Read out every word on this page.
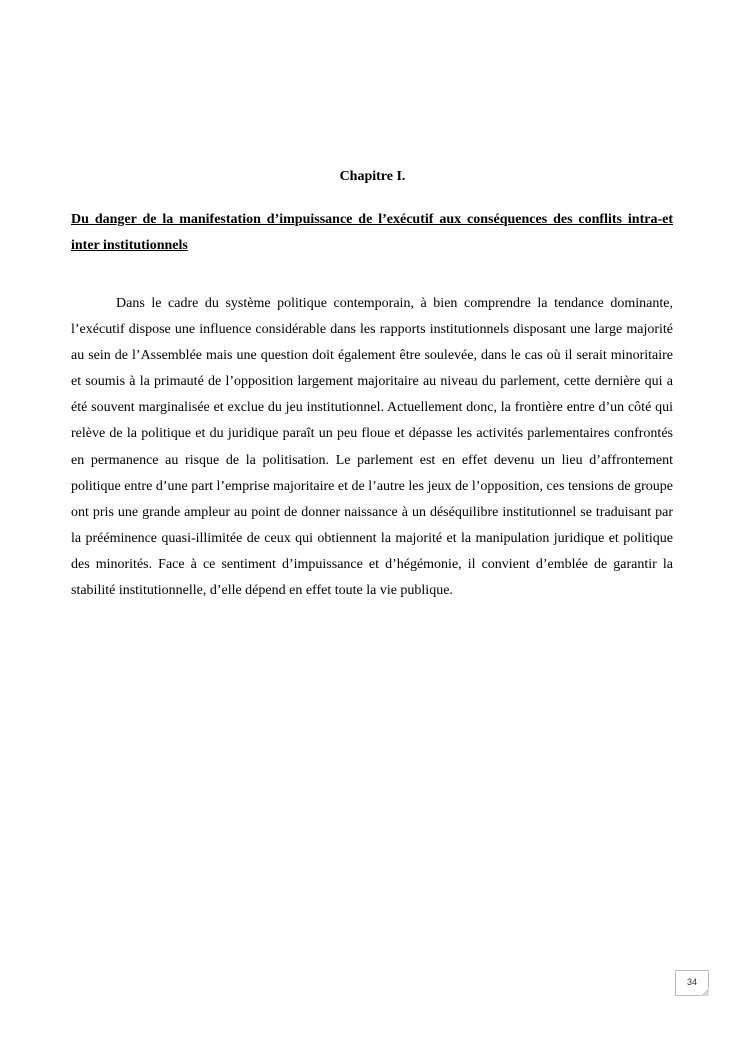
Chapitre I.
Du danger de la manifestation d’impuissance de l’exécutif aux conséquences des conflits intra-et inter institutionnels

Dans le cadre du système politique contemporain, à bien comprendre la tendance dominante, l’exécutif dispose une influence considérable dans les rapports institutionnels disposant une large majorité au sein de l’Assemblée mais une question doit également être soulevée, dans le cas où il serait minoritaire et soumis à la primauté de l’opposition largement majoritaire au niveau du parlement, cette dernière qui a été souvent marginalisée et exclue du jeu institutionnel. Actuellement donc, la frontière entre d’un côté qui relève de la politique et du juridique paraît un peu floue et dépasse les activités parlementaires confrontés en permanence au risque de la politisation. Le parlement est en effet devenu un lieu d’affrontement politique entre d’une part l’emprise majoritaire et de l’autre les jeux de l’opposition, ces tensions de groupe ont pris une grande ampleur au point de donner naissance à un déséquilibre institutionnel se traduisant par la prééminence quasi-illimitée de ceux qui obtiennent la majorité et la manipulation juridique et politique des minorités. Face à ce sentiment d’impuissance et d’hégémonie, il convient d’emblée de garantir la stabilité institutionnelle, d’elle dépend en effet toute la vie publique.

34
